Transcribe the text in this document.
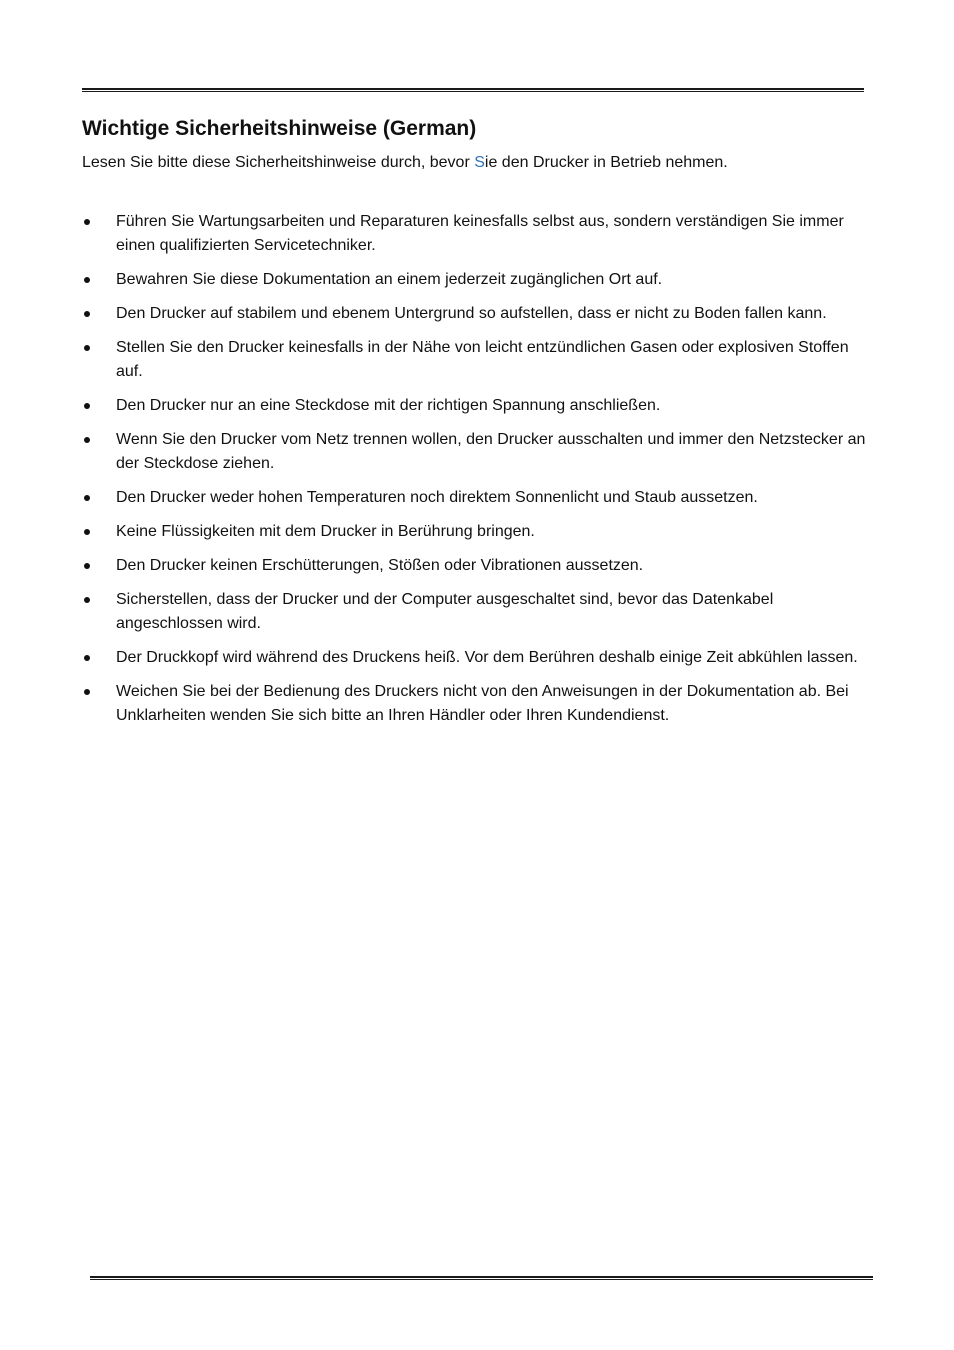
Wichtige Sicherheitshinweise (German)

Lesen Sie bitte diese Sicherheitshinweise durch, bevor Sie den Drucker in Betrieb nehmen.

Führen Sie Wartungsarbeiten und Reparaturen keinesfalls selbst aus, sondern verständigen Sie immer einen qualifizierten Servicetechniker.
Bewahren Sie diese Dokumentation an einem jederzeit zugänglichen Ort auf.
Den Drucker auf stabilem und ebenem Untergrund so aufstellen, dass er nicht zu Boden fallen kann.
Stellen Sie den Drucker keinesfalls in der Nähe von leicht entzündlichen Gasen oder explosiven Stoffen auf.
Den Drucker nur an eine Steckdose mit der richtigen Spannung anschließen.
Wenn Sie den Drucker vom Netz trennen wollen, den Drucker ausschalten und immer den Netzstecker an der Steckdose ziehen.
Den Drucker weder hohen Temperaturen noch direktem Sonnenlicht und Staub aussetzen.
Keine Flüssigkeiten mit dem Drucker in Berührung bringen.
Den Drucker keinen Erschütterungen, Stößen oder Vibrationen aussetzen.
Sicherstellen, dass der Drucker und der Computer ausgeschaltet sind, bevor das Datenkabel angeschlossen wird.
Der Druckkopf wird während des Druckens heiß. Vor dem Berühren deshalb einige Zeit abkühlen lassen.
Weichen Sie bei der Bedienung des Druckers nicht von den Anweisungen in der Dokumentation ab. Bei Unklarheiten wenden Sie sich bitte an Ihren Händler oder Ihren Kundendienst.
